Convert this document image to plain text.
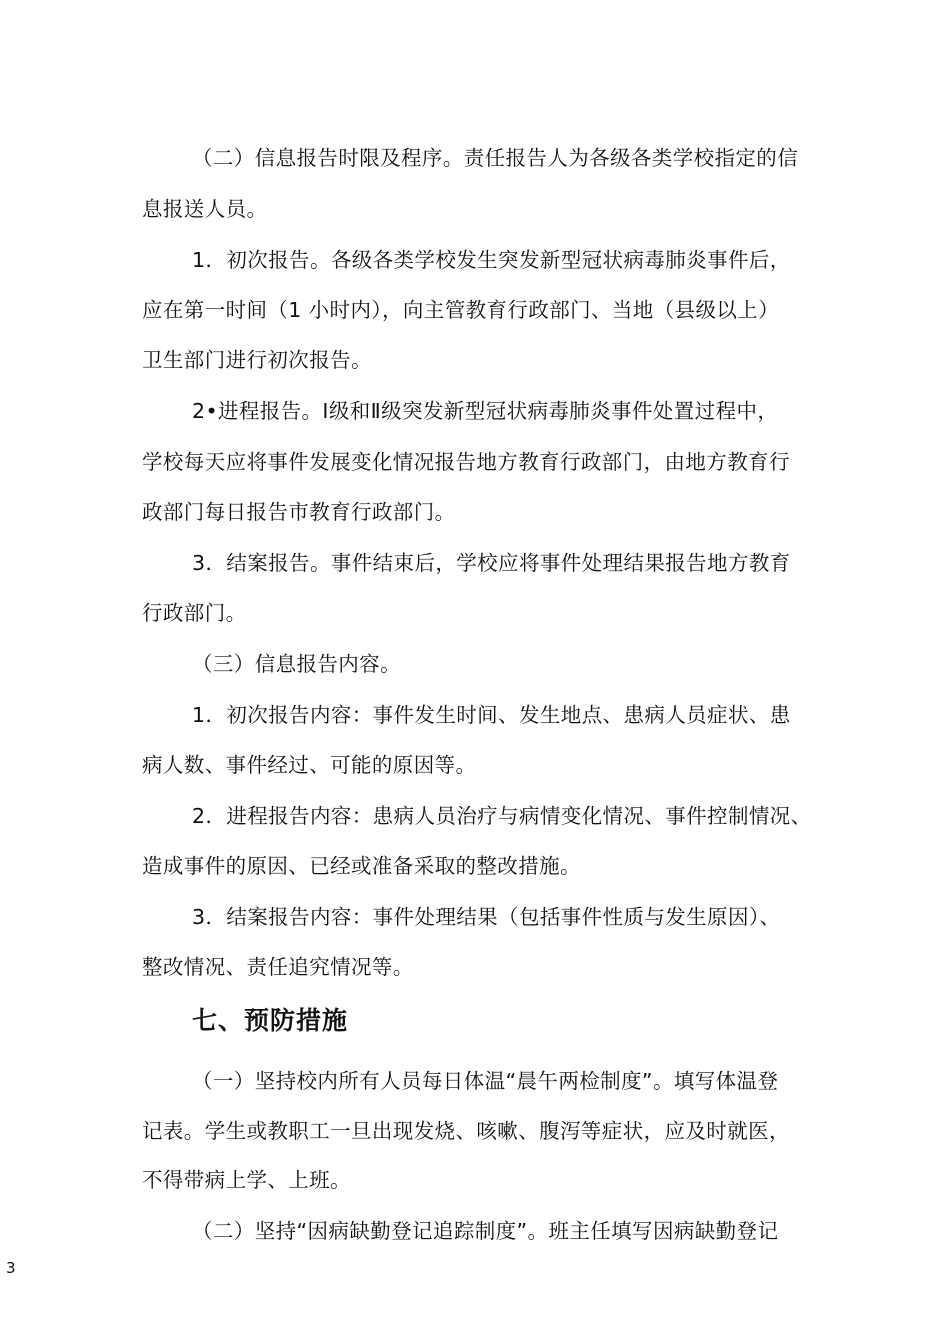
（二）信息报告时限及程序。责任报告人为各级各类学校指定的信
息报送人员。
1．初次报告。各级各类学校发生突发新型冠状病毒肺炎事件后，
应在第一时间（1 小时内），向主管教育行政部门、当地（县级以上）
卫生部门进行初次报告。
2•进程报告。Ⅰ级和Ⅱ级突发新型冠状病毒肺炎事件处置过程中，
学校每天应将事件发展变化情况报告地方教育行政部门，由地方教育行
政部门每日报告市教育行政部门。
3．结案报告。事件结束后，学校应将事件处理结果报告地方教育
行政部门。
（三）信息报告内容。
1．初次报告内容：事件发生时间、发生地点、患病人员症状、患
病人数、事件经过、可能的原因等。
2．进程报告内容：患病人员治疗与病情变化情况、事件控制情况、
造成事件的原因、已经或准备采取的整改措施。
3．结案报告内容：事件处理结果（包括事件性质与发生原因）、
整改情况、责任追究情况等。
七、预防措施
（一）坚持校内所有人员每日体温“晨午两检制度”。填写体温登
记表。学生或教职工一旦出现发烧、咳嗽、腹泻等症状，应及时就医，
不得带病上学、上班。
（二）坚持“因病缺勤登记追踪制度”。班主任填写因病缺勤登记
3
